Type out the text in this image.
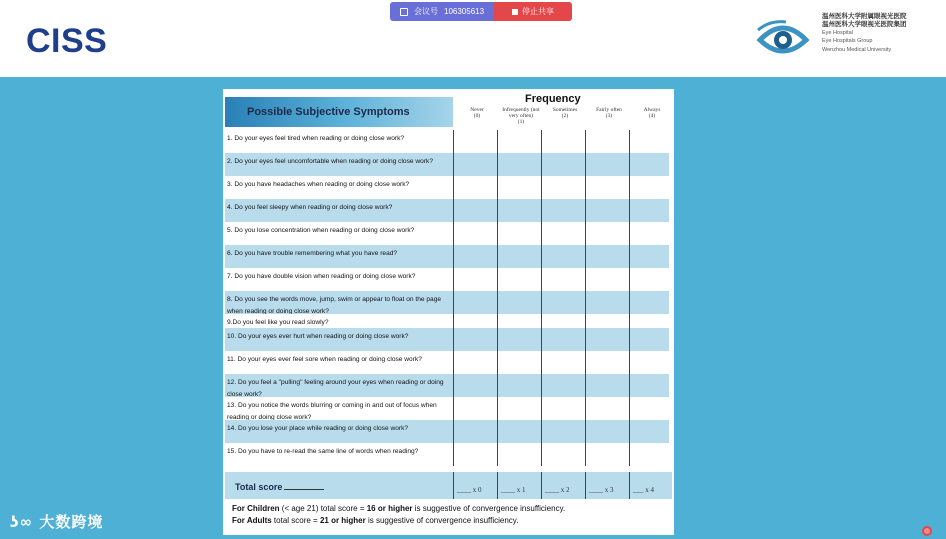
CISS
会议号 106305613	停止共享	温州医科大学附属眼视光医院
温州医科大学眼视光医院集团
Eye Hospital
Eye Hospitals Group
Wenzhou Medical University
Possible Subjective Symptoms
Frequency
Never
(0)
Infrequently (not very often)
(1)
Sometimes
(2)
Fairly often
(3)
Always
(4)
1. Do your eyes feel tired when reading or doing close work?
2. Do your eyes feel uncomfortable when reading or doing close work?
3. Do you have headaches when reading or doing close work?
4. Do you feel sleepy when reading or doing close work?
5. Do you lose concentration when reading or doing close work?
6. Do you have trouble remembering what you have read?
7. Do you have double vision when reading or doing close work?
8. Do you see the words move, jump, swim or appear to float on the page when reading or doing close work?
9.Do you feel like you read slowly?
10. Do your eyes ever hurt when reading or doing close work?
11. Do your eyes ever feel sore when reading or doing close work?
12. Do you feel a "pulling" feeling around your eyes when reading or doing close work?
13. Do you notice the words blurring or coming in and out of focus when reading or doing close work?
14. Do you lose your place while reading or doing close work?
15. Do you have to re-read the same line of words when reading?
Total score	____ x 0	____ x 1	____ x 2	____ x 3	___ x 4
For Children (< age 21) total score = 16 or higher is suggestive of convergence insufficiency.
For Adults total score = 21 or higher is suggestive of convergence insufficiency.
ʖ∞ 大数跨境
